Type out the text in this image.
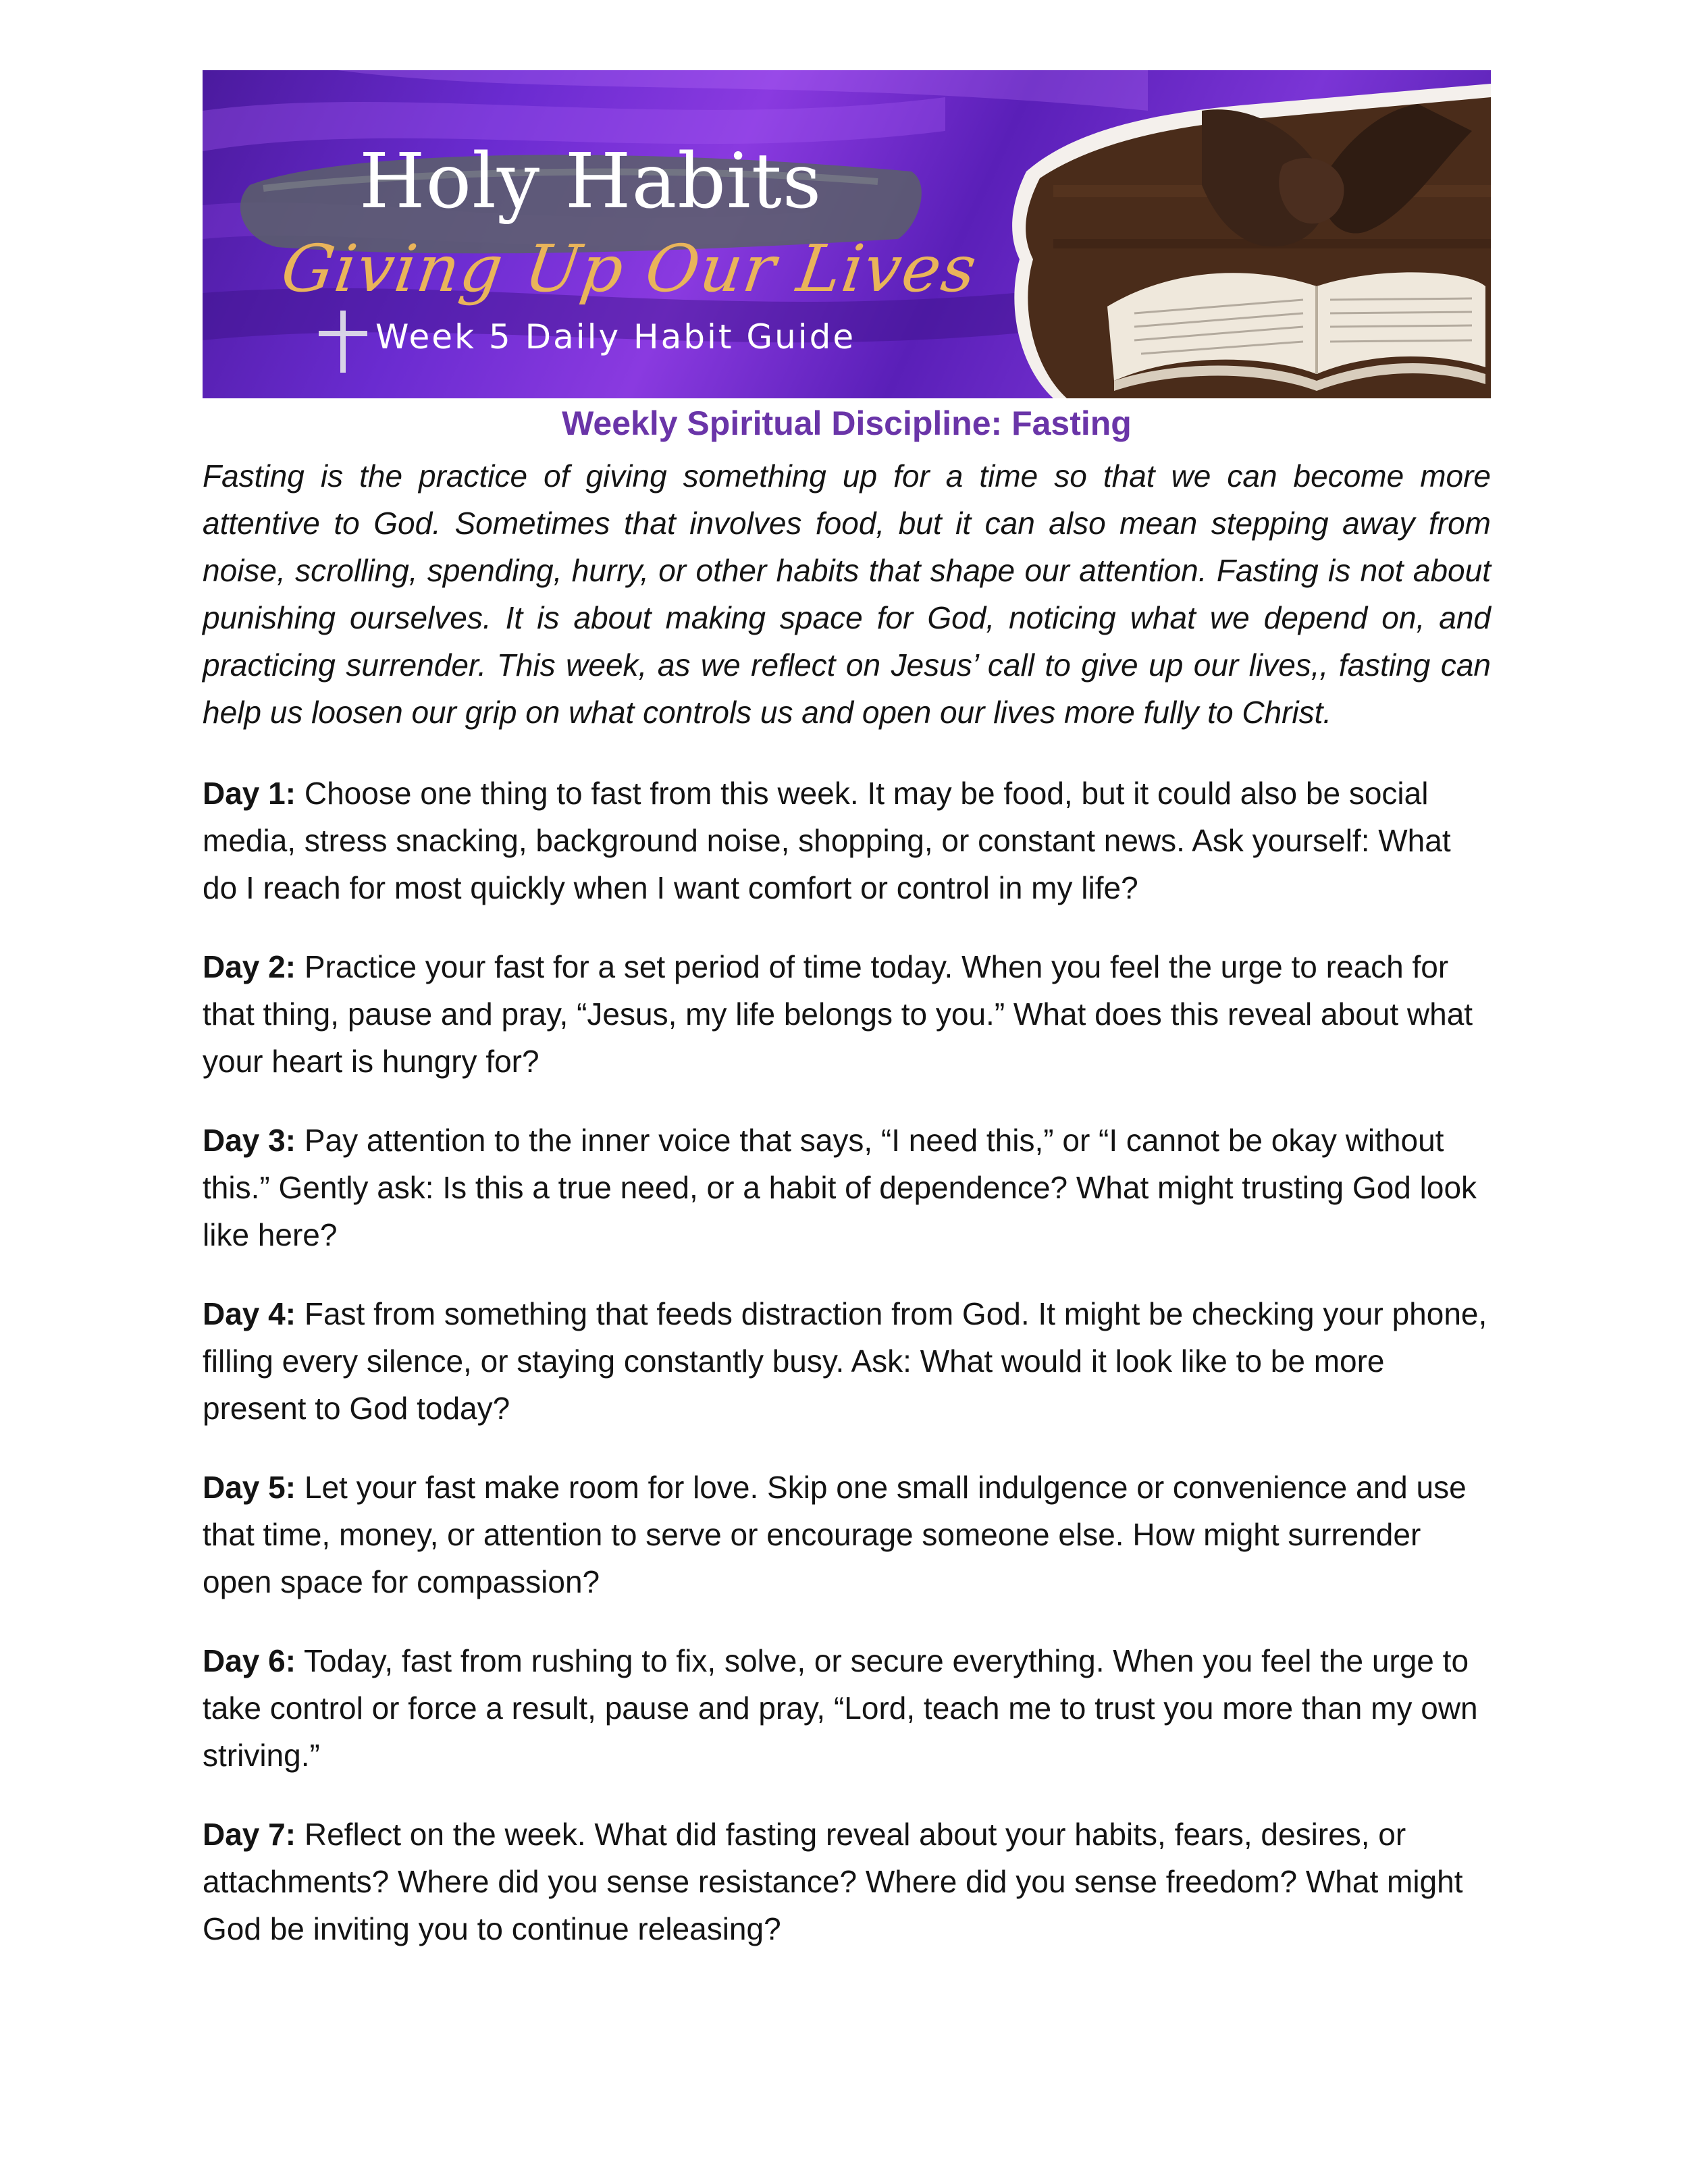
Holy Habits
Giving Up Our Lives
Week 5 Daily Habit Guide
Weekly Spiritual Discipline: Fasting

Fasting is the practice of giving something up for a time so that we can become more attentive to God. Sometimes that involves food, but it can also mean stepping away from noise, scrolling, spending, hurry, or other habits that shape our attention. Fasting is not about punishing ourselves. It is about making space for God, noticing what we depend on, and practicing surrender. This week, as we reflect on Jesus’ call to give up our lives,, fasting can help us loosen our grip on what controls us and open our lives more fully to Christ.

Day 1: Choose one thing to fast from this week. It may be food, but it could also be social media, stress snacking, background noise, shopping, or constant news. Ask yourself: What do I reach for most quickly when I want comfort or control in my life?

Day 2: Practice your fast for a set period of time today. When you feel the urge to reach for that thing, pause and pray, “Jesus, my life belongs to you.” What does this reveal about what your heart is hungry for?

Day 3: Pay attention to the inner voice that says, “I need this,” or “I cannot be okay without this.” Gently ask: Is this a true need, or a habit of dependence? What might trusting God look like here?

Day 4: Fast from something that feeds distraction from God. It might be checking your phone, filling every silence, or staying constantly busy. Ask: What would it look like to be more present to God today?

Day 5: Let your fast make room for love. Skip one small indulgence or convenience and use that time, money, or attention to serve or encourage someone else. How might surrender open space for compassion?

Day 6: Today, fast from rushing to fix, solve, or secure everything. When you feel the urge to take control or force a result, pause and pray, “Lord, teach me to trust you more than my own striving.”

Day 7: Reflect on the week. What did fasting reveal about your habits, fears, desires, or attachments? Where did you sense resistance? Where did you sense freedom? What might God be inviting you to continue releasing?
